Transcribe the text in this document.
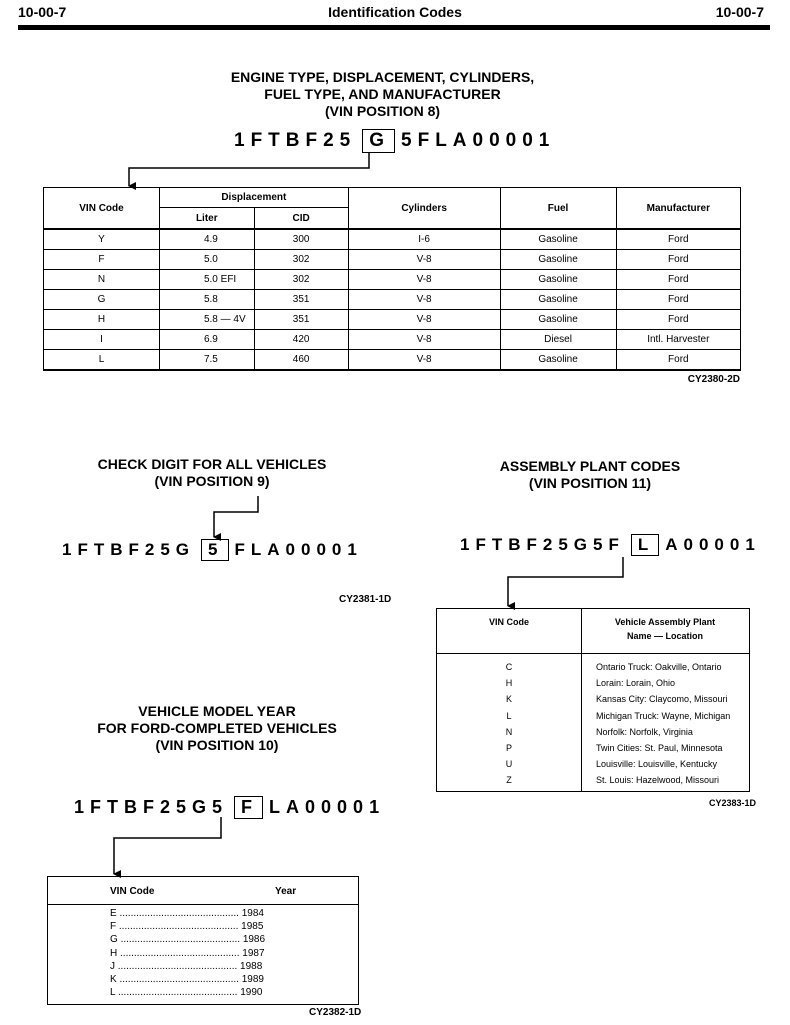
10-00-7	Identification Codes	10-00-7
ENGINE TYPE, DISPLACEMENT, CYLINDERS,
FUEL TYPE, AND MANUFACTURER
(VIN POSITION 8)
1FTBF25 G 5FLA00001
VIN Code	Displacement		Cylinders	Fuel	Manufacturer
	Liter	CID			
Y	4.9	300	I-6	Gasoline	Ford
F	5.0	302	V-8	Gasoline	Ford
N	5.0 EFI	302	V-8	Gasoline	Ford
G	5.8	351	V-8	Gasoline	Ford
H	5.8 — 4V	351	V-8	Gasoline	Ford
I	6.9	420	V-8	Diesel	Intl. Harvester
L	7.5	460	V-8	Gasoline	Ford
CY2380-2D
CHECK DIGIT FOR ALL VEHICLES
(VIN POSITION 9)
1FTBF25G 5 FLA00001
CY2381-1D
ASSEMBLY PLANT CODES
(VIN POSITION 11)
1FTBF25G5F L A00001
VIN Code	Vehicle Assembly Plant
Name — Location
C	Ontario Truck: Oakville, Ontario
H	Lorain: Lorain, Ohio
K	Kansas City: Claycomo, Missouri
L	Michigan Truck: Wayne, Michigan
N	Norfolk: Norfolk, Virginia
P	Twin Cities: St. Paul, Minnesota
U	Louisville: Louisville, Kentucky
Z	St. Louis: Hazelwood, Missouri
CY2383-1D
VEHICLE MODEL YEAR
FOR FORD-COMPLETED VEHICLES
(VIN POSITION 10)
1FTBF25G5 F LA00001
VIN Code	Year
E ........................................... 1984
F ........................................... 1985
G ........................................... 1986
H ........................................... 1987
J ........................................... 1988
K ........................................... 1989
L ........................................... 1990
CY2382-1D
